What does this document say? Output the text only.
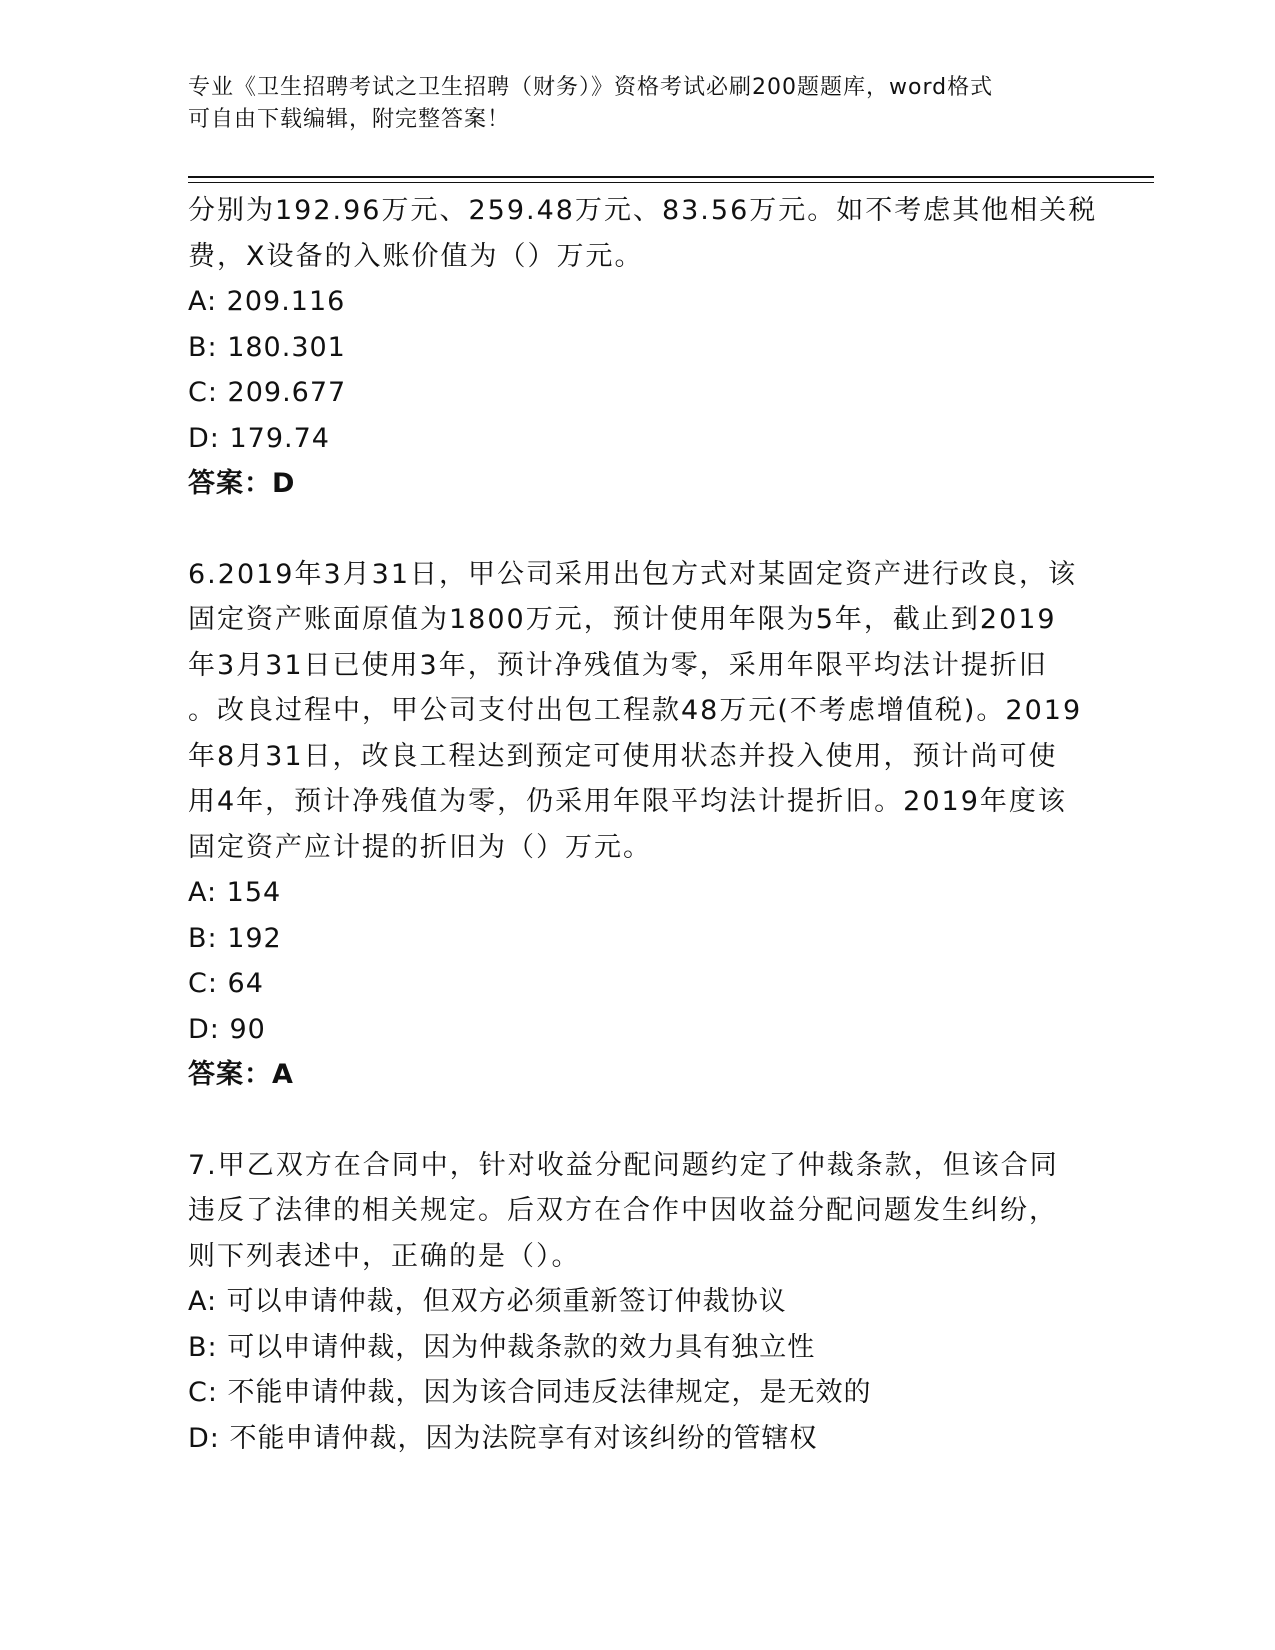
专业《卫生招聘考试之卫生招聘（财务）》资格考试必刷200题题库，word格式
可自由下载编辑，附完整答案！
分别为192.96万元、259.48万元、83.56万元。如不考虑其他相关税
费，X设备的入账价值为（）万元。
A: 209.116
B: 180.301
C: 209.677
D: 179.74
答案：D
6.2019年3月31日，甲公司采用出包方式对某固定资产进行改良，该
固定资产账面原值为1800万元，预计使用年限为5年，截止到2019
年3月31日已使用3年，预计净残值为零，采用年限平均法计提折旧
。改良过程中，甲公司支付出包工程款48万元(不考虑增值税)。2019
年8月31日，改良工程达到预定可使用状态并投入使用，预计尚可使
用4年，预计净残值为零，仍采用年限平均法计提折旧。2019年度该
固定资产应计提的折旧为（）万元。
A: 154
B: 192
C: 64
D: 90
答案：A
7.甲乙双方在合同中，针对收益分配问题约定了仲裁条款，但该合同
违反了法律的相关规定。后双方在合作中因收益分配问题发生纠纷，
则下列表述中，正确的是（）。
A: 可以申请仲裁，但双方必须重新签订仲裁协议
B: 可以申请仲裁，因为仲裁条款的效力具有独立性
C: 不能申请仲裁，因为该合同违反法律规定，是无效的
D: 不能申请仲裁，因为法院享有对该纠纷的管辖权
